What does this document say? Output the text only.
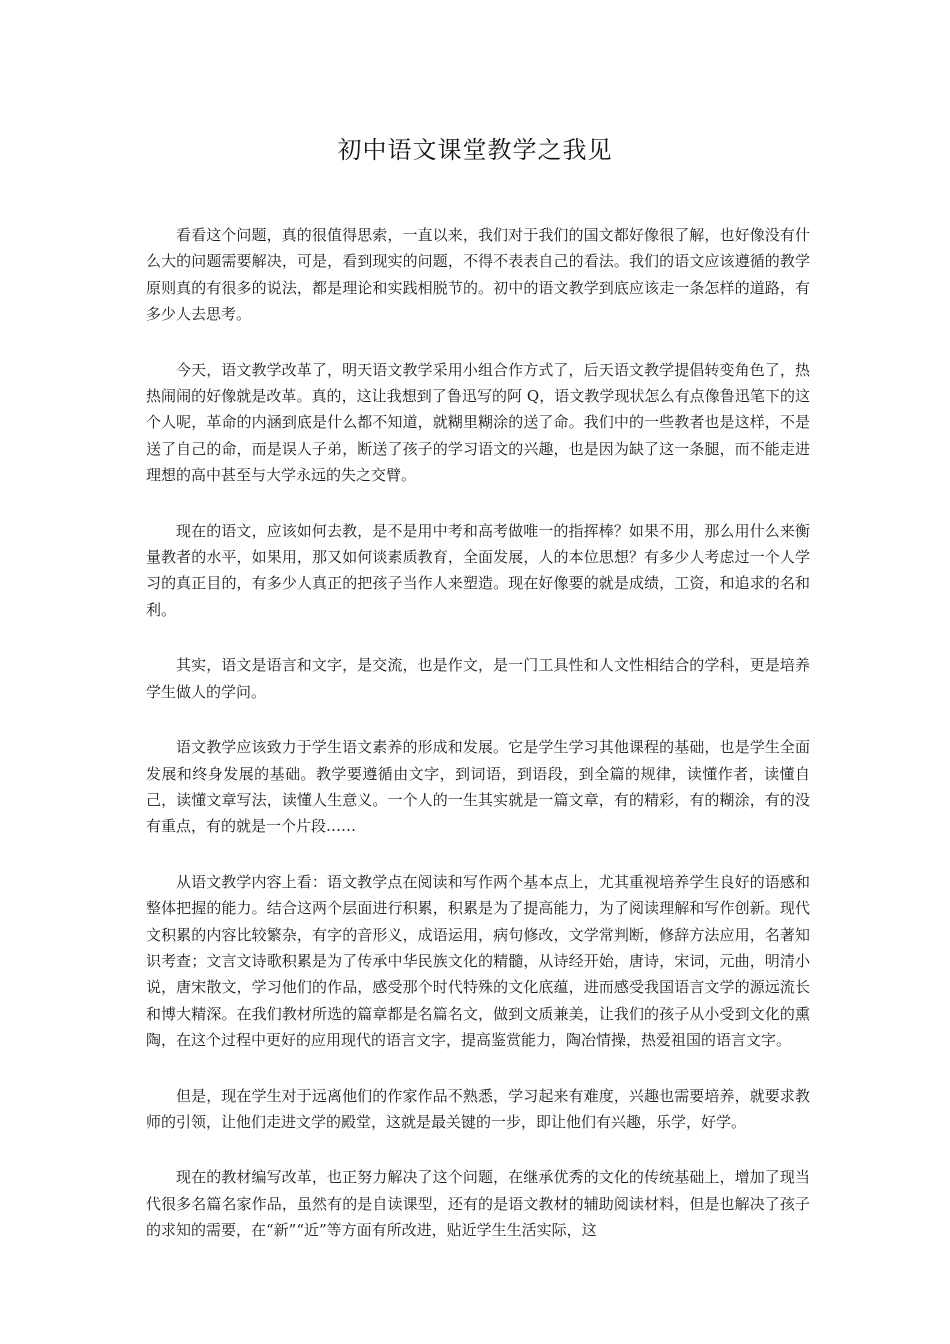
初中语文课堂教学之我见

看看这个问题，真的很值得思索，一直以来，我们对于我们的国文都好像很了解，也好像没有什么大的问题需要解决，可是，看到现实的问题，不得不表表自己的看法。我们的语文应该遵循的教学原则真的有很多的说法，都是理论和实践相脱节的。初中的语文教学到底应该走一条怎样的道路，有多少人去思考。

今天，语文教学改革了，明天语文教学采用小组合作方式了，后天语文教学提倡转变角色了，热热闹闹的好像就是改革。真的，这让我想到了鲁迅写的阿 Q，语文教学现状怎么有点像鲁迅笔下的这个人呢，革命的内涵到底是什么都不知道，就糊里糊涂的送了命。我们中的一些教者也是这样，不是送了自己的命，而是误人子弟，断送了孩子的学习语文的兴趣，也是因为缺了这一条腿，而不能走进理想的高中甚至与大学永远的失之交臂。

现在的语文，应该如何去教，是不是用中考和高考做唯一的指挥棒？如果不用，那么用什么来衡量教者的水平，如果用，那又如何谈素质教育，全面发展，人的本位思想？有多少人考虑过一个人学习的真正目的，有多少人真正的把孩子当作人来塑造。现在好像要的就是成绩，工资，和追求的名和利。

其实，语文是语言和文字，是交流，也是作文，是一门工具性和人文性相结合的学科，更是培养学生做人的学问。

语文教学应该致力于学生语文素养的形成和发展。它是学生学习其他课程的基础，也是学生全面发展和终身发展的基础。教学要遵循由文字，到词语，到语段，到全篇的规律，读懂作者，读懂自己，读懂文章写法，读懂人生意义。一个人的一生其实就是一篇文章，有的精彩，有的糊涂，有的没有重点，有的就是一个片段……

从语文教学内容上看：语文教学点在阅读和写作两个基本点上，尤其重视培养学生良好的语感和整体把握的能力。结合这两个层面进行积累，积累是为了提高能力，为了阅读理解和写作创新。现代文积累的内容比较繁杂，有字的音形义，成语运用，病句修改，文学常判断，修辞方法应用，名著知识考查；文言文诗歌积累是为了传承中华民族文化的精髓，从诗经开始，唐诗，宋词，元曲，明清小说，唐宋散文，学习他们的作品，感受那个时代特殊的文化底蕴，进而感受我国语言文学的源远流长和博大精深。在我们教材所选的篇章都是名篇名文，做到文质兼美，让我们的孩子从小受到文化的熏陶，在这个过程中更好的应用现代的语言文字，提高鉴赏能力，陶冶情操，热爱祖国的语言文字。

但是，现在学生对于远离他们的作家作品不熟悉，学习起来有难度，兴趣也需要培养，就要求教师的引领，让他们走进文学的殿堂，这就是最关键的一步，即让他们有兴趣，乐学，好学。

现在的教材编写改革，也正努力解决了这个问题，在继承优秀的文化的传统基础上，增加了现当代很多名篇名家作品，虽然有的是自读课型，还有的是语文教材的辅助阅读材料，但是也解决了孩子的求知的需要，在“新”“近”等方面有所改进，贴近学生生活实际，这
